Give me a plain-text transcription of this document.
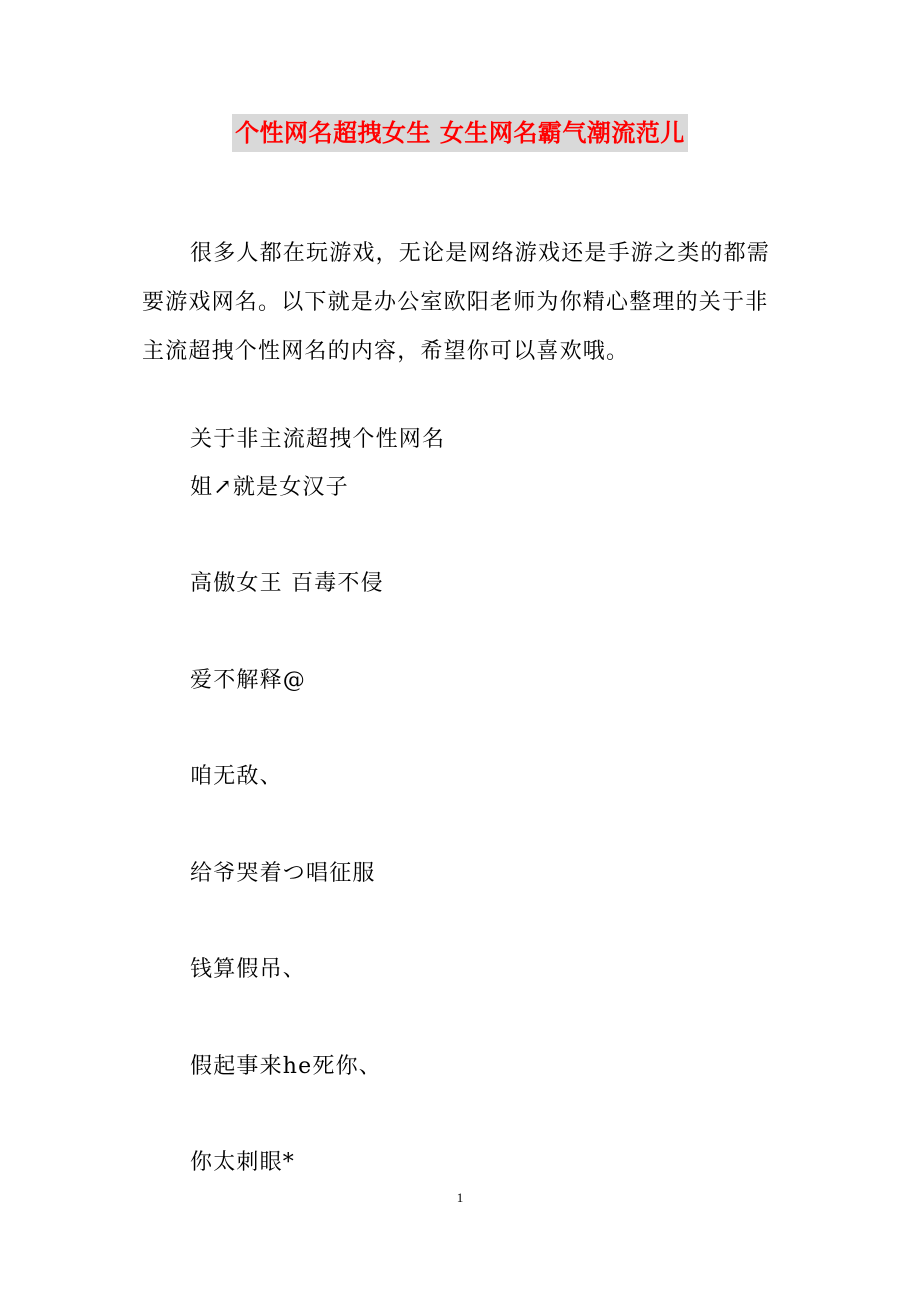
个性网名超拽女生 女生网名霸气潮流范儿

很多人都在玩游戏，无论是网络游戏还是手游之类的都需要游戏网名。以下就是办公室欧阳老师为你精心整理的关于非主流超拽个性网名的内容，希望你可以喜欢哦。

关于非主流超拽个性网名

姐↗就是女汉子

高傲女王 百毒不侵

爱不解释@

咱无敌、

给爷哭着つ唱征服

钱算假吊、

假起事来he死你、

你太刺眼*

1
